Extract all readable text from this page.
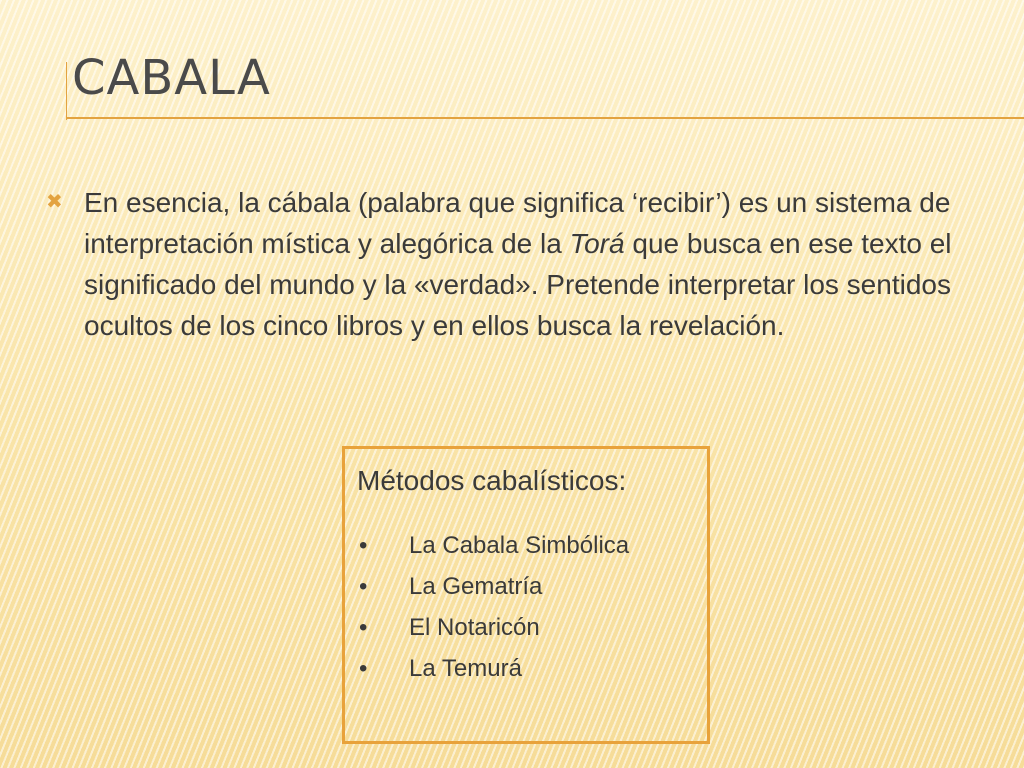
CABALA
✖ En esencia, la cábala (palabra que significa ‘recibir’) es un sistema de interpretación mística y alegórica de la Torá que busca en ese texto el significado del mundo y la «verdad». Pretende interpretar los sentidos ocultos de los cinco libros y en ellos busca la revelación.

Métodos cabalísticos:
•	La Cabala Simbólica
•	La Gematría
•	El Notaricón
•	La Temurá
